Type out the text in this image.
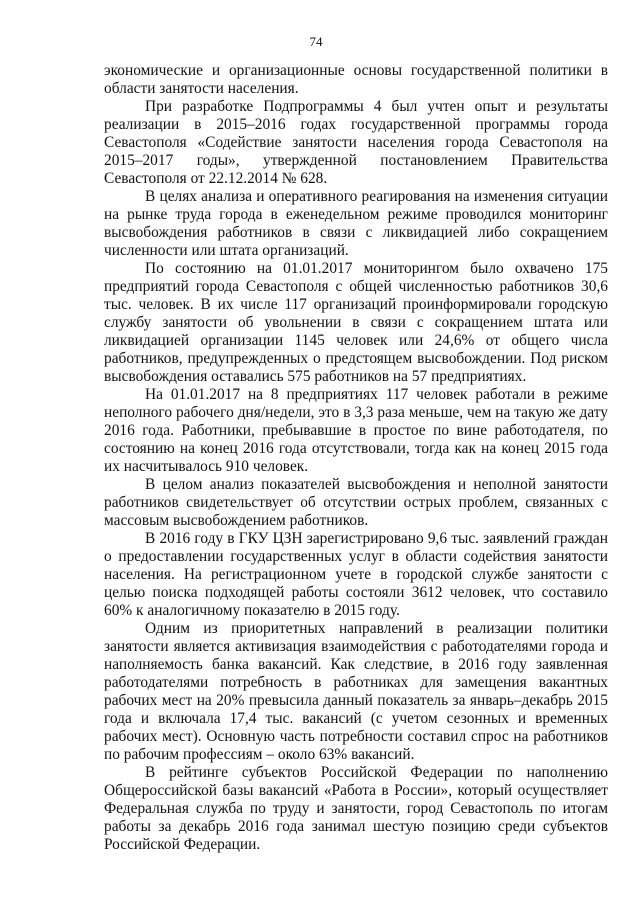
74

экономические и организационные основы государственной политики в области занятости населения.

При разработке Подпрограммы 4 был учтен опыт и результаты реализации в 2015–2016 годах государственной программы города Севастополя «Содействие занятости населения города Севастополя на 2015–2017 годы», утвержденной постановлением Правительства Севастополя от 22.12.2014 № 628.

В целях анализа и оперативного реагирования на изменения ситуации на рынке труда города в еженедельном режиме проводился мониторинг высвобождения работников в связи с ликвидацией либо сокращением численности или штата организаций.

По состоянию на 01.01.2017 мониторингом было охвачено 175 предприятий города Севастополя с общей численностью работников 30,6 тыс. человек. В их числе 117 организаций проинформировали городскую службу занятости об увольнении в связи с сокращением штата или ликвидацией организации 1145 человек или 24,6% от общего числа работников, предупрежденных о предстоящем высвобождении. Под риском высвобождения оставались 575 работников на 57 предприятиях.

На 01.01.2017 на 8 предприятиях 117 человек работали в режиме неполного рабочего дня/недели, это в 3,3 раза меньше, чем на такую же дату 2016 года. Работники, пребывавшие в простое по вине работодателя, по состоянию на конец 2016 года отсутствовали, тогда как на конец 2015 года их насчитывалось 910 человек.

В целом анализ показателей высвобождения и неполной занятости работников свидетельствует об отсутствии острых проблем, связанных с массовым высвобождением работников.

В 2016 году в ГКУ ЦЗН зарегистрировано 9,6 тыс. заявлений граждан о предоставлении государственных услуг в области содействия занятости населения. На регистрационном учете в городской службе занятости с целью поиска подходящей работы состояли 3612 человек, что составило 60% к аналогичному показателю в 2015 году.

Одним из приоритетных направлений в реализации политики занятости является активизация взаимодействия с работодателями города и наполняемость банка вакансий. Как следствие, в 2016 году заявленная работодателями потребность в работниках для замещения вакантных рабочих мест на 20% превысила данный показатель за январь–декабрь 2015 года и включала 17,4 тыс. вакансий (с учетом сезонных и временных рабочих мест). Основную часть потребности составил спрос на работников по рабочим профессиям – около 63% вакансий.

В рейтинге субъектов Российской Федерации по наполнению Общероссийской базы вакансий «Работа в России», который осуществляет Федеральная служба по труду и занятости, город Севастополь по итогам работы за декабрь 2016 года занимал шестую позицию среди субъектов Российской Федерации.
